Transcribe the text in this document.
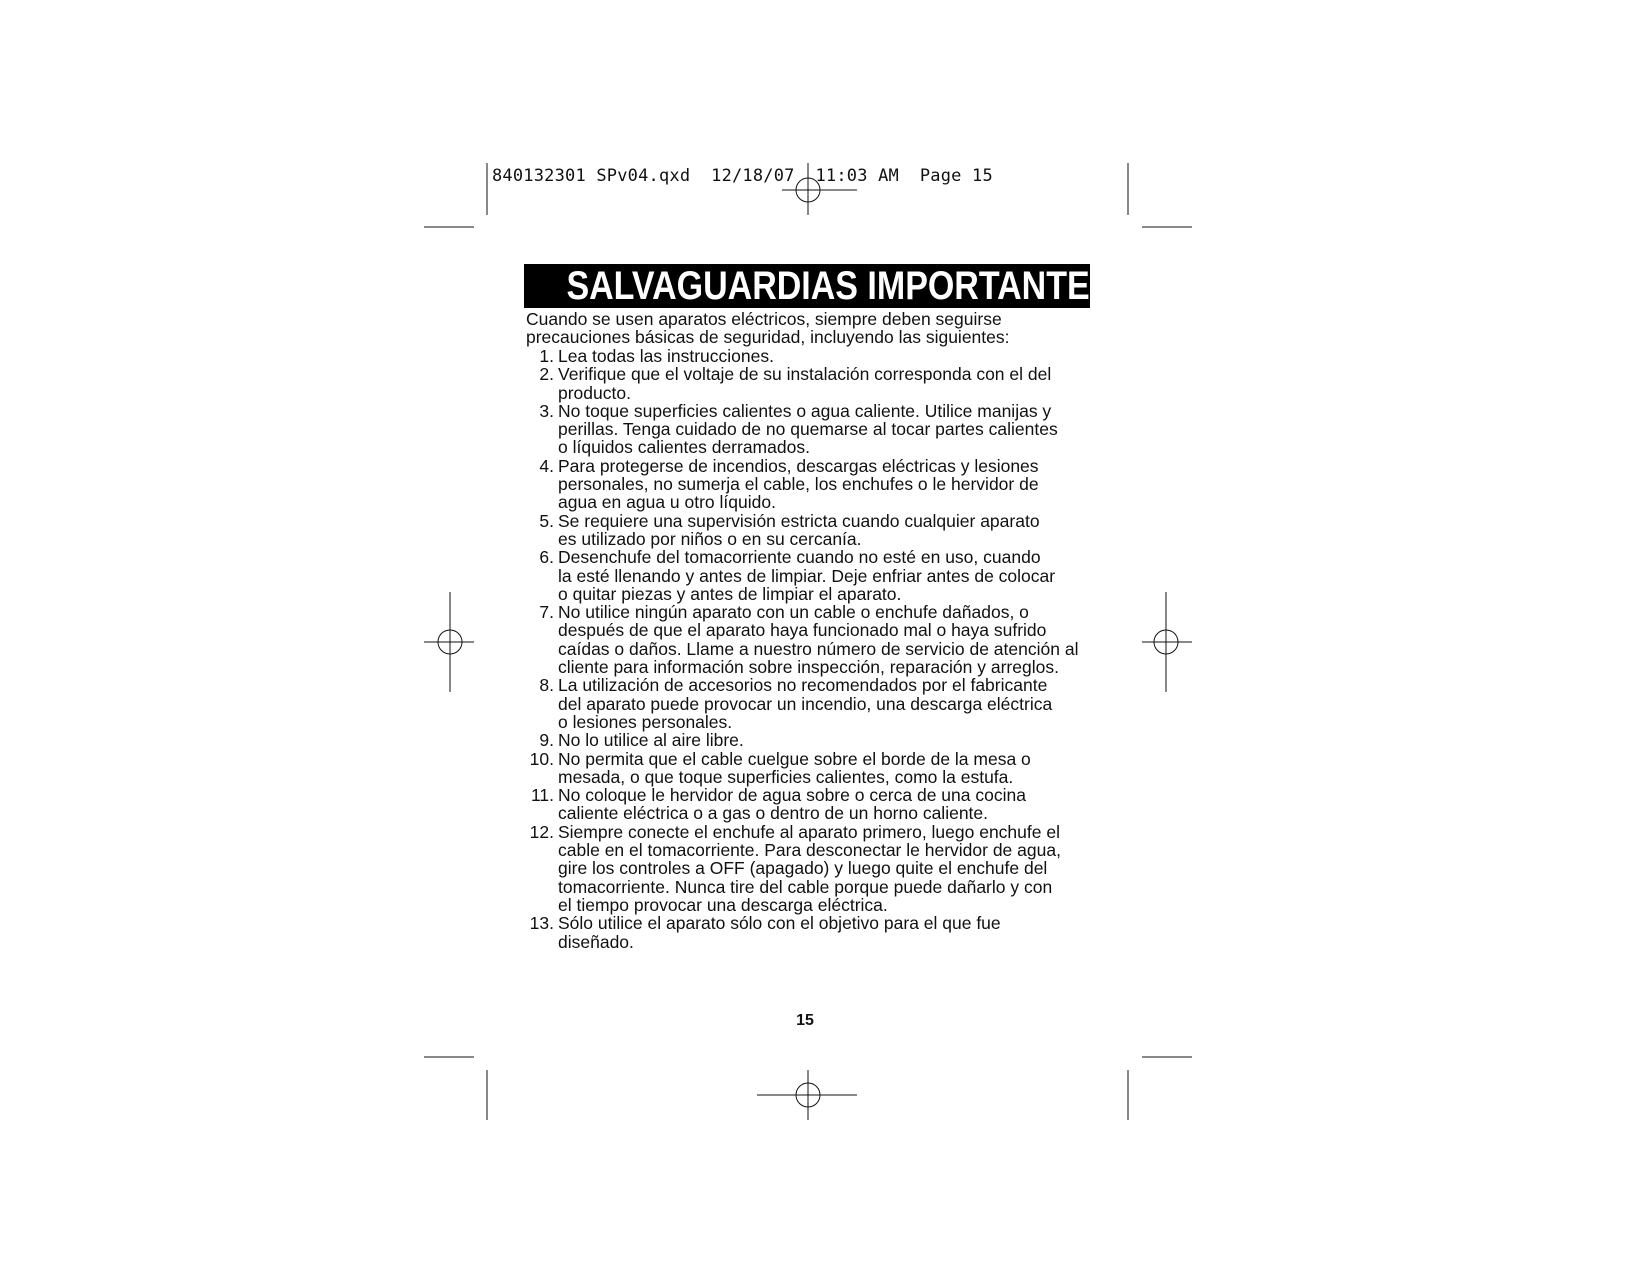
840132301 SPv04.qxd  12/18/07  11:03 AM  Page 15
SALVAGUARDIAS IMPORTANTES
Cuando se usen aparatos eléctricos, siempre deben seguirse
precauciones básicas de seguridad, incluyendo las siguientes:
1. Lea todas las instrucciones.
2. Verifique que el voltaje de su instalación corresponda con el del
producto.
3. No toque superficies calientes o agua caliente. Utilice manijas y
perillas. Tenga cuidado de no quemarse al tocar partes calientes
o líquidos calientes derramados.
4. Para protegerse de incendios, descargas eléctricas y lesiones
personales, no sumerja el cable, los enchufes o le hervidor de
agua en agua u otro líquido.
5. Se requiere una supervisión estricta cuando cualquier aparato
es utilizado por niños o en su cercanía.
6. Desenchufe del tomacorriente cuando no esté en uso, cuando
la esté llenando y antes de limpiar. Deje enfriar antes de colocar
o quitar piezas y antes de limpiar el aparato.
7. No utilice ningún aparato con un cable o enchufe dañados, o
después de que el aparato haya funcionado mal o haya sufrido
caídas o daños. Llame a nuestro número de servicio de atención al
cliente para información sobre inspección, reparación y arreglos.
8. La utilización de accesorios no recomendados por el fabricante
del aparato puede provocar un incendio, una descarga eléctrica
o lesiones personales.
9. No lo utilice al aire libre.
10. No permita que el cable cuelgue sobre el borde de la mesa o
mesada, o que toque superficies calientes, como la estufa.
11. No coloque le hervidor de agua sobre o cerca de una cocina
caliente eléctrica o a gas o dentro de un horno caliente.
12. Siempre conecte el enchufe al aparato primero, luego enchufe el
cable en el tomacorriente. Para desconectar le hervidor de agua,
gire los controles a OFF (apagado) y luego quite el enchufe del
tomacorriente. Nunca tire del cable porque puede dañarlo y con
el tiempo provocar una descarga eléctrica.
13. Sólo utilice el aparato sólo con el objetivo para el que fue
diseñado.
15
